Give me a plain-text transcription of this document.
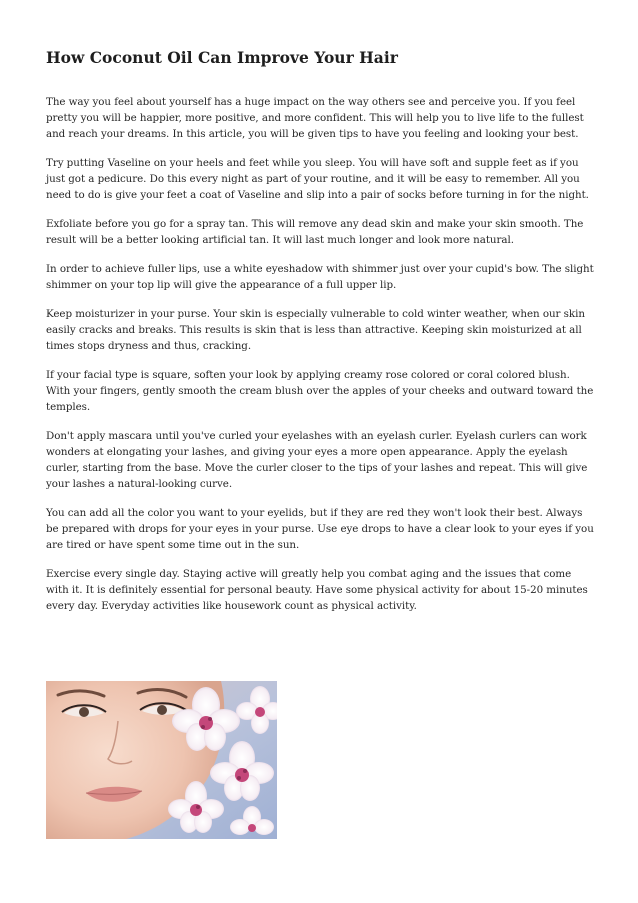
How Coconut Oil Can Improve Your Hair

The way you feel about yourself has a huge impact on the way others see and perceive you. If you feel pretty you will be happier, more positive, and more confident. This will help you to live life to the fullest and reach your dreams. In this article, you will be given tips to have you feeling and looking your best.

Try putting Vaseline on your heels and feet while you sleep. You will have soft and supple feet as if you just got a pedicure. Do this every night as part of your routine, and it will be easy to remember. All you need to do is give your feet a coat of Vaseline and slip into a pair of socks before turning in for the night.

Exfoliate before you go for a spray tan. This will remove any dead skin and make your skin smooth. The result will be a better looking artificial tan. It will last much longer and look more natural.

In order to achieve fuller lips, use a white eyeshadow with shimmer just over your cupid's bow. The slight shimmer on your top lip will give the appearance of a full upper lip.

Keep moisturizer in your purse. Your skin is especially vulnerable to cold winter weather, when our skin easily cracks and breaks. This results is skin that is less than attractive. Keeping skin moisturized at all times stops dryness and thus, cracking.

If your facial type is square, soften your look by applying creamy rose colored or coral colored blush. With your fingers, gently smooth the cream blush over the apples of your cheeks and outward toward the temples.

Don't apply mascara until you've curled your eyelashes with an eyelash curler. Eyelash curlers can work wonders at elongating your lashes, and giving your eyes a more open appearance. Apply the eyelash curler, starting from the base. Move the curler closer to the tips of your lashes and repeat. This will give your lashes a natural-looking curve.

You can add all the color you want to your eyelids, but if they are red they won't look their best. Always be prepared with drops for your eyes in your purse. Use eye drops to have a clear look to your eyes if you are tired or have spent some time out in the sun.

Exercise every single day. Staying active will greatly help you combat aging and the issues that come with it. It is definitely essential for personal beauty. Have some physical activity for about 15-20 minutes every day. Everyday activities like housework count as physical activity.
